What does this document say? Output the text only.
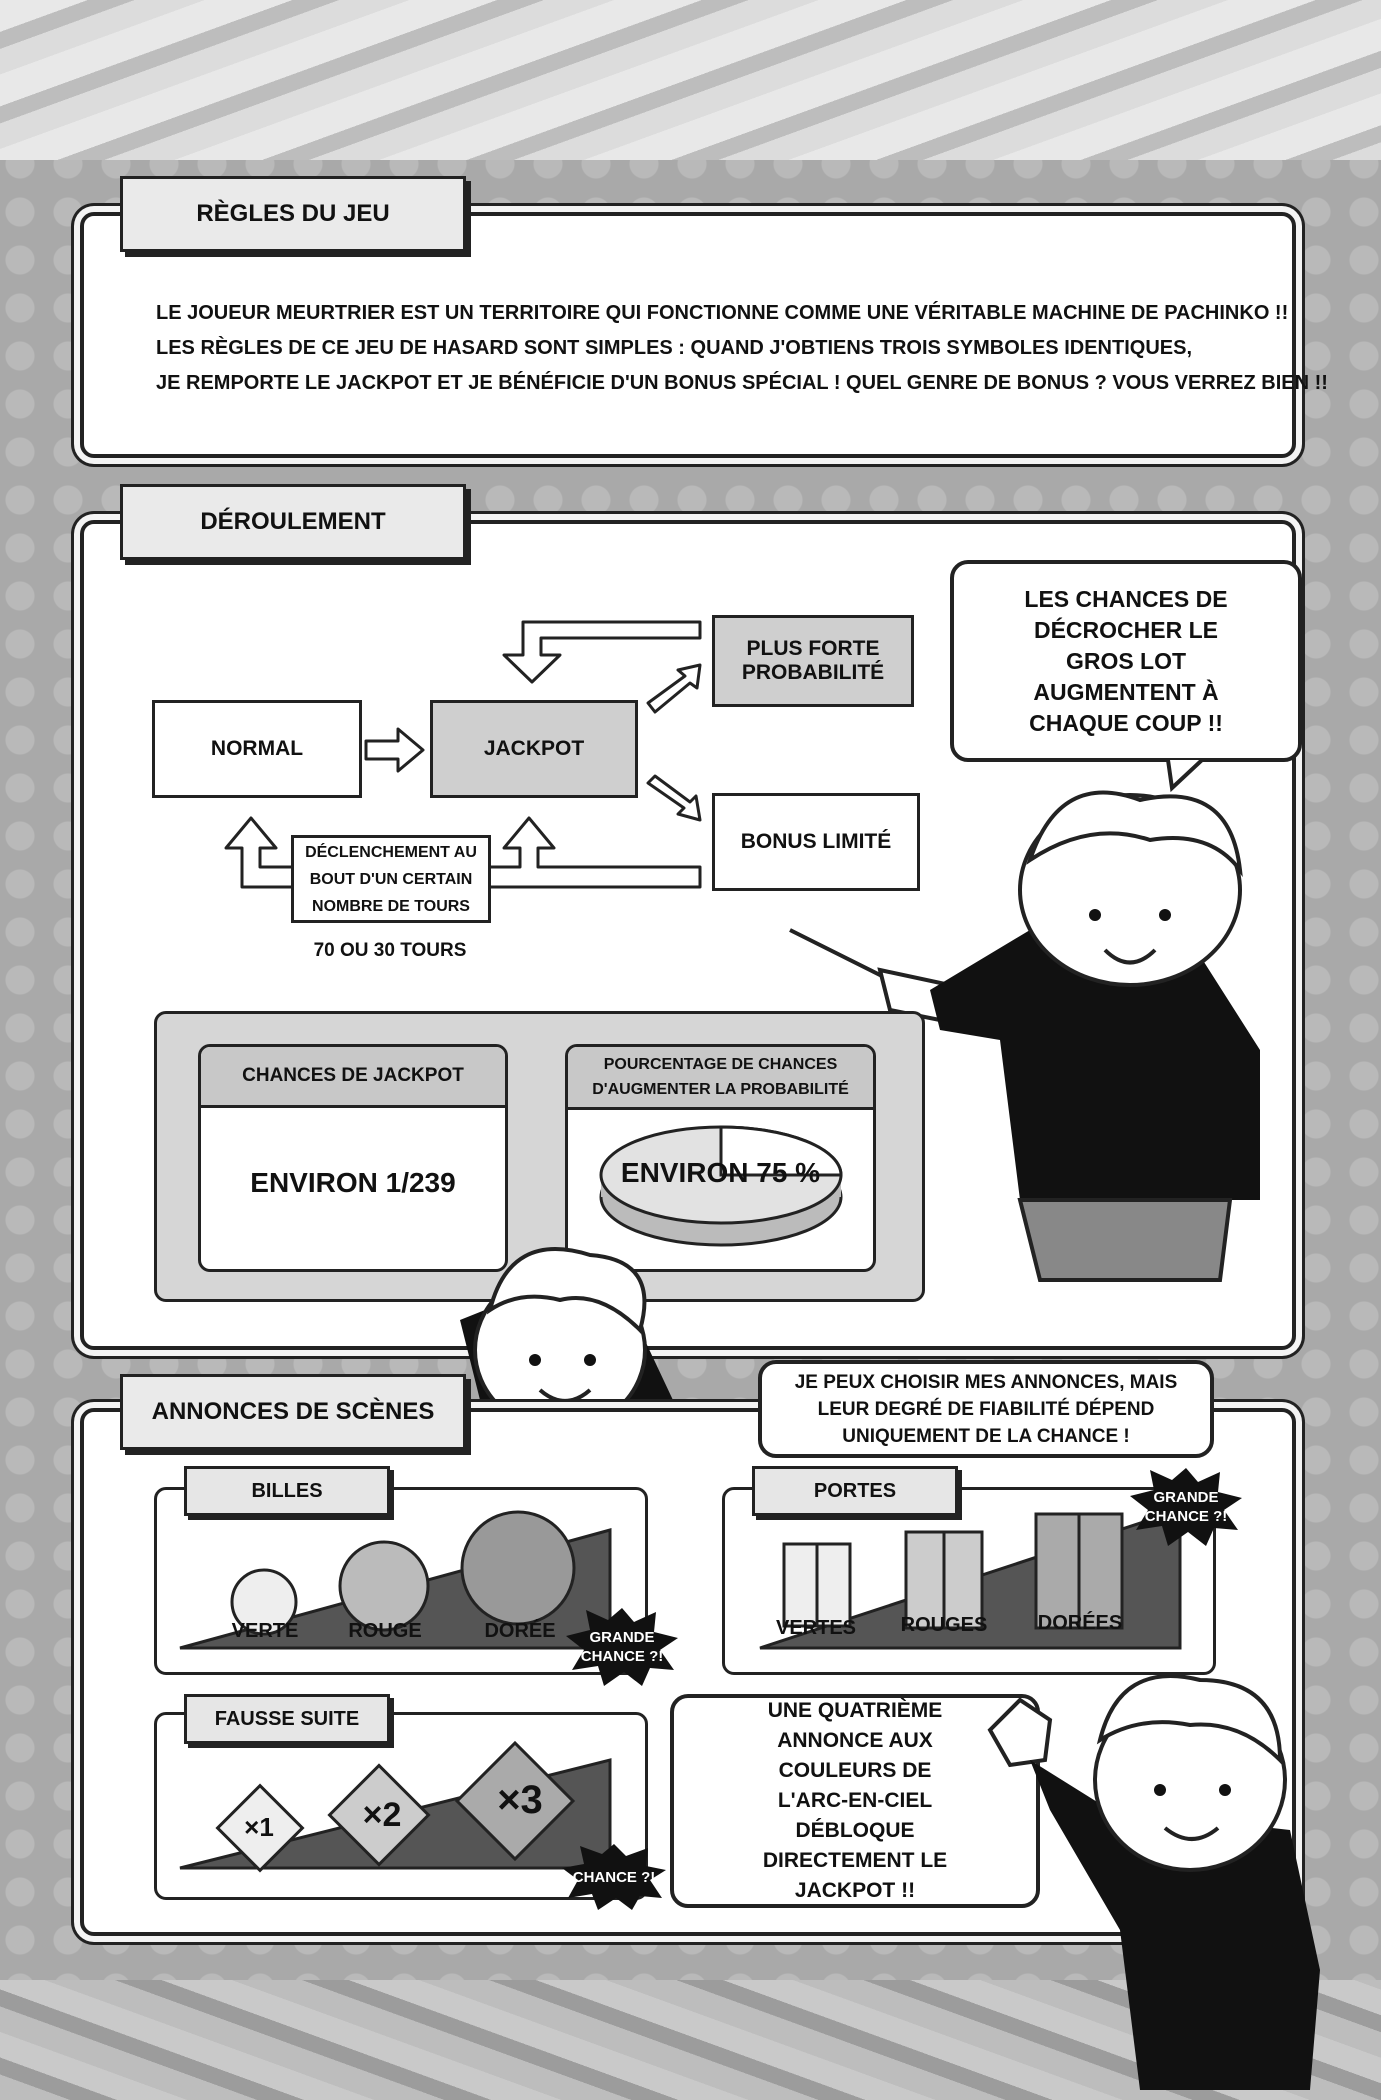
RÈGLES DU JEU
LE JOUEUR MEURTRIER EST UN TERRITOIRE QUI FONCTIONNE COMME UNE VÉRITABLE MACHINE DE PACHINKO !!
LES RÈGLES DE CE JEU DE HASARD SONT SIMPLES : QUAND J'OBTIENS TROIS SYMBOLES IDENTIQUES,
JE REMPORTE LE JACKPOT ET JE BÉNÉFICIE D'UN BONUS SPÉCIAL ! QUEL GENRE DE BONUS ? VOUS VERREZ BIEN !!
DÉROULEMENT
NORMAL	JACKPOT
PLUS FORTE PROBABILITÉ
BONUS LIMITÉ
DÉCLENCHEMENT AU BOUT D'UN CERTAIN NOMBRE DE TOURS
70 OU 30 TOURS
LES CHANCES DE DÉCROCHER LE GROS LOT AUGMENTENT À CHAQUE COUP !!
CHANCES DE JACKPOT
ENVIRON 1/239
POURCENTAGE DE CHANCES D'AUGMENTER LA PROBABILITÉ
ENVIRON 75 %
ANNONCES DE SCÈNES
JE PEUX CHOISIR MES ANNONCES, MAIS LEUR DEGRÉ DE FIABILITÉ DÉPEND UNIQUEMENT DE LA CHANCE !
BILLES
VERTE	ROUGE	DORÉE	GRANDE CHANCE ?!
PORTES
VERTES ROUGES	DORÉES
GRANDE CHANCE ?!
FAUSSE SUITE
×1	×2	×3
CHANCE ?!
UNE QUATRIÈME ANNONCE AUX COULEURS DE L'ARC-EN-CIEL DÉBLOQUE DIRECTEMENT LE JACKPOT !!
